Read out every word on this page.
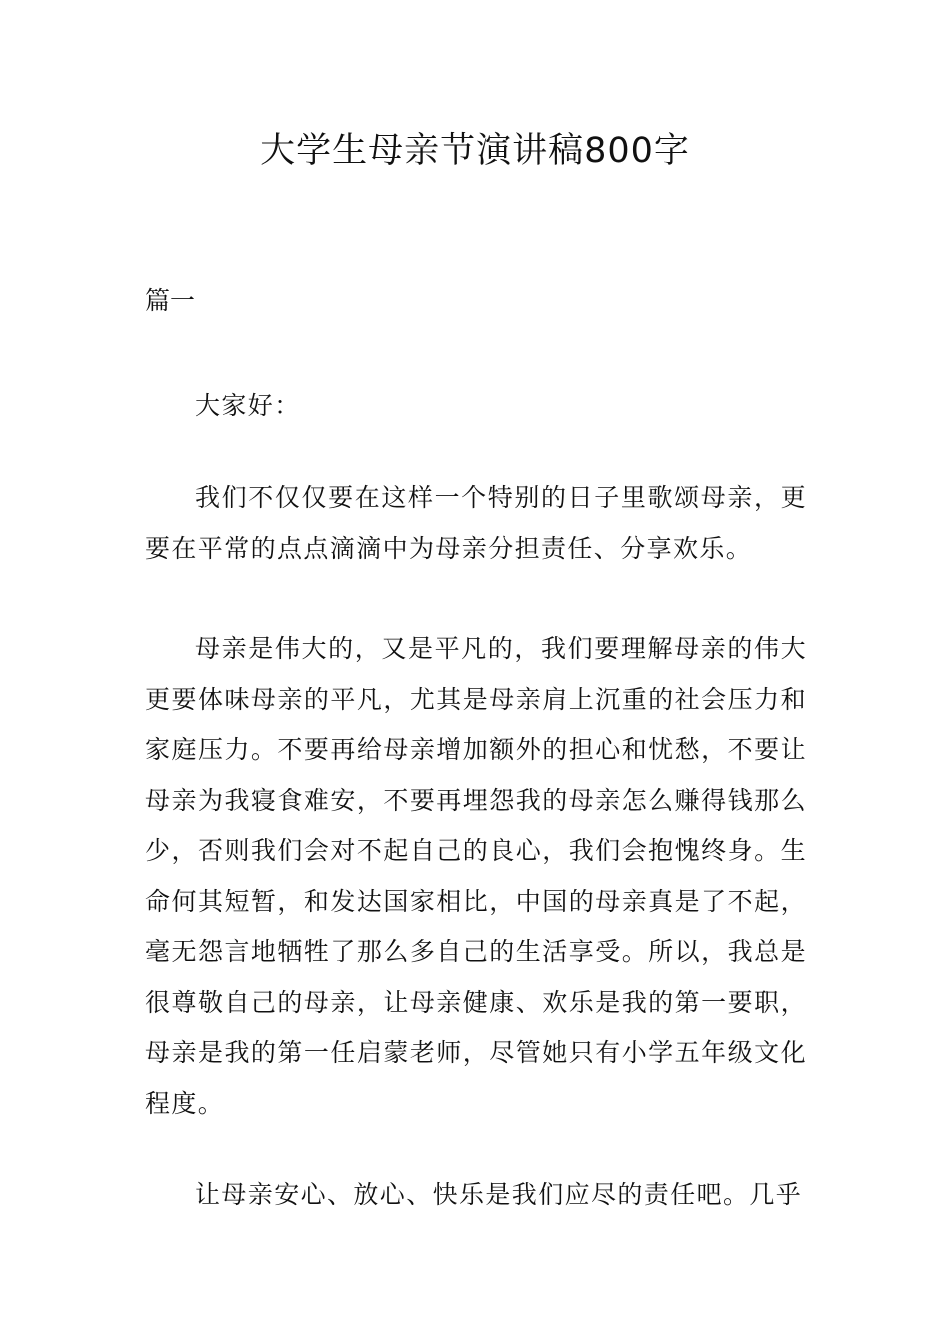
大学生母亲节演讲稿800字

篇一

大家好：

我们不仅仅要在这样一个特别的日子里歌颂母亲，更要在平常的点点滴滴中为母亲分担责任、分享欢乐。

母亲是伟大的，又是平凡的，我们要理解母亲的伟大更要体味母亲的平凡，尤其是母亲肩上沉重的社会压力和家庭压力。不要再给母亲增加额外的担心和忧愁，不要让母亲为我寝食难安，不要再埋怨我的母亲怎么赚得钱那么少，否则我们会对不起自己的良心，我们会抱愧终身。生命何其短暂，和发达国家相比，中国的母亲真是了不起，毫无怨言地牺牲了那么多自己的生活享受。所以，我总是很尊敬自己的母亲，让母亲健康、欢乐是我的第一要职，母亲是我的第一任启蒙老师，尽管她只有小学五年级文化程度。

让母亲安心、放心、快乐是我们应尽的责任吧。几乎
